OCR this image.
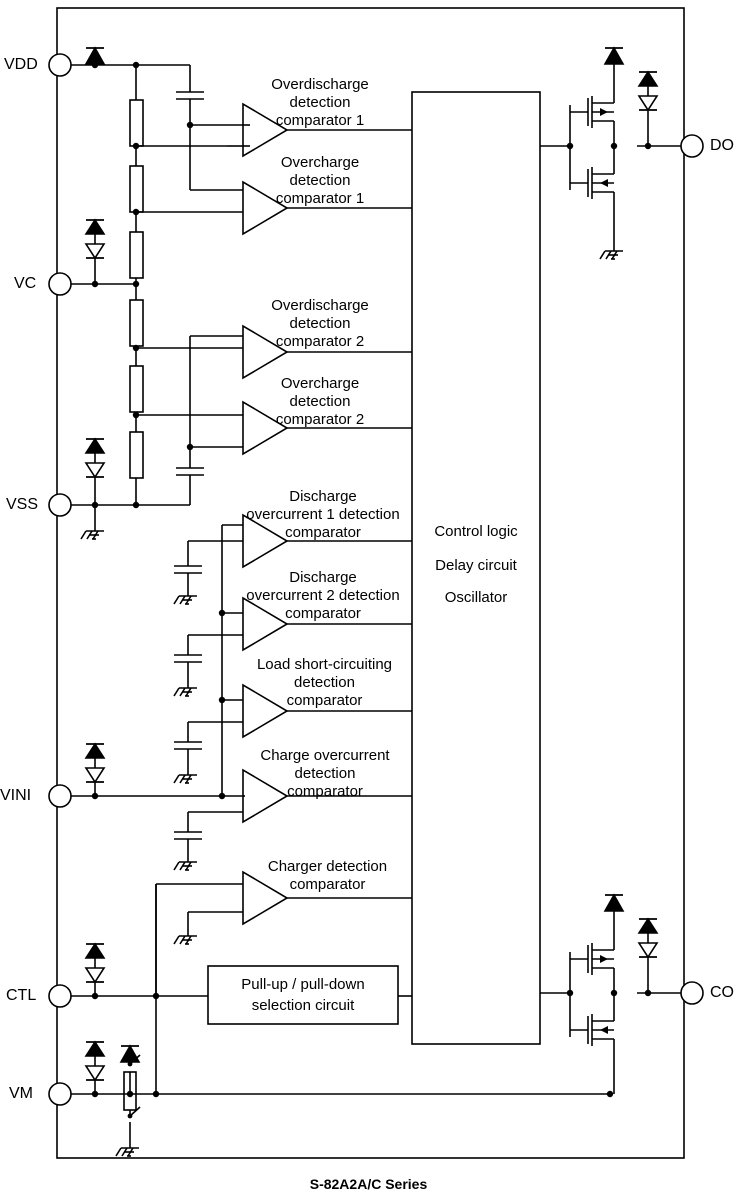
VDD
VC
VSS
VINI
CTL
VM
DO
CO
Overdischarge
detection
comparator 1
Overcharge
detection
comparator 1
Overdischarge
detection
comparator 2
Overcharge
detection
comparator 2
Discharge
overcurrent 1 detection
comparator
Discharge
overcurrent 2 detection
comparator
Load short-circuiting
detection
comparator
Charge overcurrent
detection
comparator
Charger detection
comparator
Control logic
Delay circuit
Oscillator
Pull-up / pull-down
selection circuit
S-82A2A/C Series
